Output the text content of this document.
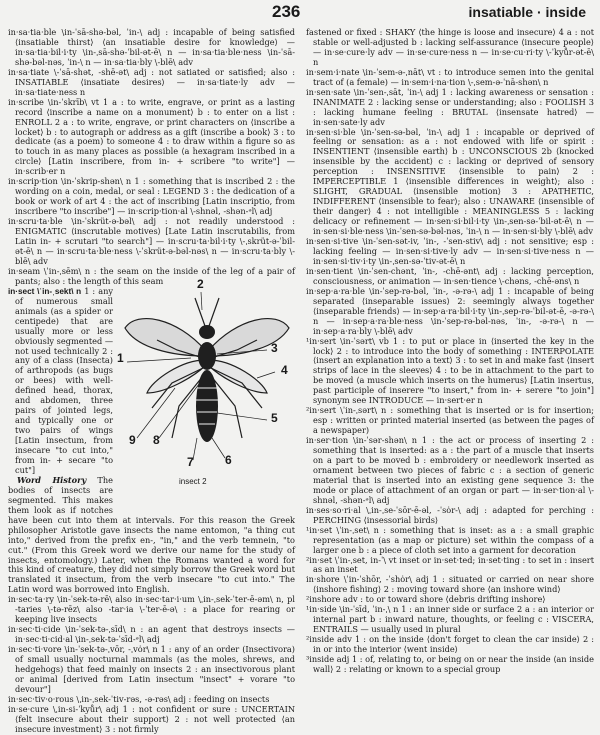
236	insatiable · inside

in·sa·tia·ble \in-ˈsā-shə-bəl, ˈin-\ adj : incapable of being satisfied ⟨insatiable thirst⟩ ⟨an insatiable desire for knowledge⟩ — in·sa·tia·bil·i·ty \in-ˌsā-shə-ˈbil-ət-ē\ n — in·sa·tia·ble·ness \in-ˈsā-shə-bəl-nəs, ˈin-\ n — in·sa·tia·bly \-blē\ adv

in·sa·tiate \-ˈsā-shət, -shē-ət\ adj : not satiated or satisfied; also : INSATIABLE ⟨insatiate desires⟩ — in·sa·tiate·ly adv — in·sa·tiate·ness n

in·scribe \in-ˈskrīb\ vt 1 a : to write, engrave, or print as a lasting record ⟨inscribe a name on a monument⟩ b : to enter on a list : ENROLL 2 a : to write, engrave, or print characters on ⟨inscribe a locket⟩ b : to autograph or address as a gift ⟨inscribe a book⟩ 3 : to dedicate (as a poem) to someone 4 : to draw within a figure so as to touch in as many places as possible ⟨a hexagram inscribed in a circle⟩ [Latin inscribere, from in- + scribere "to write"] — in·scrib·er n

in·scrip·tion \in-ˈskrip-shən\ n 1 : something that is inscribed 2 : the wording on a coin, medal, or seal : LEGEND 3 : the dedication of a book or work of art 4 : the act of inscribing [Latin inscriptio, from inscribere "to inscribe"] — in·scrip·tion·al \-shnəl, -shən-ᵊl\ adj

in·scru·ta·ble \in-ˈskrüt-ə-bəl\ adj : not readily understood : ENIGMATIC ⟨inscrutable motives⟩ [Late Latin inscrutabilis, from Latin in- + scrutari "to search"] — in·scru·ta·bil·i·ty \-ˌskrüt-ə-ˈbil-ət-ē\ n — in·scru·ta·ble·ness \-ˈskrüt-ə-bəl-nəs\ n — in·scru·ta·bly \-blē\ adv

in·seam \ˈin-ˌsēm\ n : the seam on the inside of the leg of a pair of pants; also : the length of this seam

1
2
3
4
5
6
7
8
9
insect 2

in·sect \ˈin-ˌsekt\ n 1 : any of numerous small animals (as a spider or centipede) that are usually more or less obviously segmented — not used technically 2 : any of a class (Insecta) of arthropods (as bugs or bees) with well-defined head, thorax, and abdomen, three pairs of jointed legs, and typically one or two pairs of wings [Latin insectum, from insecare "to cut into," from in- + secare "to cut"]

Word History The bodies of insects are segmented. This makes them look as if notches have been cut into them at intervals. For this reason the Greek philosopher Aristotle gave insects the name entomon, "a thing cut into," derived from the prefix en-, "in," and the verb temnein, "to cut." (From this Greek word we derive our name for the study of insects, entomology.) Later, when the Romans wanted a word for this kind of creature, they did not simply borrow the Greek word but translated it insectum, from the verb insecare "to cut into." The Latin word was borrowed into English.

in·sec·ta·ry \in-ˈsek-tə-rē\ also in·sec·tar·i·um \ˌin-ˌsek-ˈter-ē-əm\ n, pl -taries \-tə-rēz\ also -tar·ia \-ˈter-ē-ə\ : a place for rearing or keeping live insects

in·sec·ti·cide \in-ˈsek-tə-ˌsīd\ n : an agent that destroys insects — in·sec·ti·cid·al \in-ˌsek-tə-ˈsīd-ᵊl\ adj

in·sec·ti·vore \in-ˈsek-tə-ˌvōr, -ˌvȯr\ n 1 : any of an order (Insectivora) of small usually nocturnal mammals (as the moles, shrews, and hedgehogs) that feed mainly on insects 2 : an insectivorous plant or animal [derived from Latin insectum "insect" + vorare "to devour"]

in·sec·tiv·o·rous \ˌin-ˌsek-ˈtiv-rəs, -ə-rəs\ adj : feeding on insects

in·se·cure \ˌin-si-ˈkyůr\ adj 1 : not confident or sure : UNCERTAIN ⟨felt insecure about their support⟩ 2 : not well protected ⟨an insecure investment⟩ 3 : not firmly

fastened or fixed : SHAKY ⟨the hinge is loose and insecure⟩ 4 a : not stable or well-adjusted b : lacking self-assurance ⟨insecure people⟩ — in·se·cure·ly adv — in·se·cure·ness n — in·se·cu·ri·ty \-ˈkyůr-ət-ē\ n

in·sem·i·nate \in-ˈsem-ə-ˌnāt\ vt : to introduce semen into the genital tract of (a female) — in·sem·i·na·tion \-ˌsem-ə-ˈnā-shən\ n

in·sen·sate \in-ˈsen-ˌsāt, ˈin-\ adj 1 : lacking awareness or sensation : INANIMATE 2 : lacking sense or understanding; also : FOOLISH 3 : lacking humane feeling : BRUTAL ⟨insensate hatred⟩ — in·sen·sate·ly adv

in·sen·si·ble \in-ˈsen-sə-bəl, ˈin-\ adj 1 : incapable or deprived of feeling or sensation: as a : not endowed with life or spirit : INSENTIENT ⟨insensible earth⟩ b : UNCONSCIOUS 2b ⟨knocked insensible by the accident⟩ c : lacking or deprived of sensory perception : INSENSITIVE ⟨insensible to pain⟩ 2 : IMPERCEPTIBLE 1 ⟨insensible differences in weight⟩; also : SLIGHT, GRADUAL ⟨insensible motion⟩ 3 : APATHETIC, INDIFFERENT ⟨insensible to fear⟩; also : UNAWARE ⟨insensible of their danger⟩ 4 : not intelligible : MEANINGLESS 5 : lacking delicacy or refinement — in·sen·si·bil·i·ty \in-ˌsen-sə-ˈbil-ət-ē\ n — in·sen·si·ble·ness \in-ˈsen-sə-bəl-nəs, ˈin-\ n — in·sen·si·bly \-blē\ adv

in·sen·si·tive \in-ˈsen-sət-iv, ˈin-, -ˈsen-stiv\ adj : not sensitive; esp : lacking feeling — in·sen·si·tive·ly adv — in·sen·si·tive·ness n — in·sen·si·tiv·i·ty \in-ˌsen-sə-ˈtiv-ət-ē\ n

in·sen·tient \in-ˈsen-chənt, ˈin-, -chē-ənt\ adj : lacking perception, consciousness, or animation — in·sen·tience \-chəns, -chē-əns\ n

in·sep·a·ra·ble \in-ˈsep-rə-bəl, ˈin-, -ə-rə-\ adj 1 : incapable of being separated ⟨inseparable issues⟩ 2: seemingly always together ⟨inseparable friends⟩ — in·sep·a·ra·bil·i·ty \in-ˌsep-rə-ˈbil-ət-ē, -ə-rə-\ n — in·sep·a·ra·ble·ness \in-ˈsep-rə-bəl-nəs, ˈin-, -ə-rə-\ n — in·sep·a·ra·bly \-blē\ adv

¹in·sert \in-ˈsərt\ vb 1 : to put or place in ⟨inserted the key in the lock⟩ 2 : to introduce into the body of something : INTERPOLATE ⟨insert an explanation into a text⟩ 3 : to set in and make fast ⟨insert strips of lace in the sleeves⟩ 4 : to be in attachment to the part to be moved ⟨a muscle which inserts on the humerus⟩ [Latin insertus, past participle of inserere "to insert," from in- + serere "to join"] synonym see INTRODUCE — in·sert·er n

²in·sert \ˈin-ˌsərt\ n : something that is inserted or is for insertion; esp : written or printed material inserted (as between the pages of a newspaper)

in·ser·tion \in-ˈsər-shən\ n 1 : the act or process of inserting 2 : something that is inserted: as a : the part of a muscle that inserts on a part to be moved b : embroidery or needlework inserted as ornament between two pieces of fabric c : a section of generic material that is inserted into an existing gene sequence 3: the mode or place of attachment of an organ or part — in·ser·tion·al \-shnəl, -shən-ᵊl\ adj

in·ses·so·ri·al \ˌin-ˌse-ˈsōr-ē-əl, -ˈsȯr-\ adj : adapted for perching : PERCHING ⟨insessorial birds⟩

¹in·set \ˈin-ˌset\ n : something that is inset: as a : a small graphic representation (as a map or picture) set within the compass of a larger one b : a piece of cloth set into a garment for decoration

²in·set \ˈin-ˌset, in-ˈ\ vt inset or in·set·ted; in·set·ting : to set in : insert as an inset

in·shore \ˈin-ˈshōr, -ˈshȯr\ adj 1 : situated or carried on near shore ⟨inshore fishing⟩ 2 : moving toward shore ⟨an inshore wind⟩

²inshore adv : to or toward shore ⟨debris drifting inshore⟩

¹in·side \in-ˈsīd, ˈin-ˌ\ n 1 : an inner side or surface 2 a : an interior or internal part b : inward nature, thoughts, or feeling c : VISCERA, ENTRAILS — usually used in plural

²inside adv 1 : on the inside ⟨don't forget to clean the car inside⟩ 2 : in or into the interior ⟨went inside⟩

³inside adj 1 : of, relating to, or being on or near the inside ⟨an inside wall⟩ 2 : relating or known to a special group
